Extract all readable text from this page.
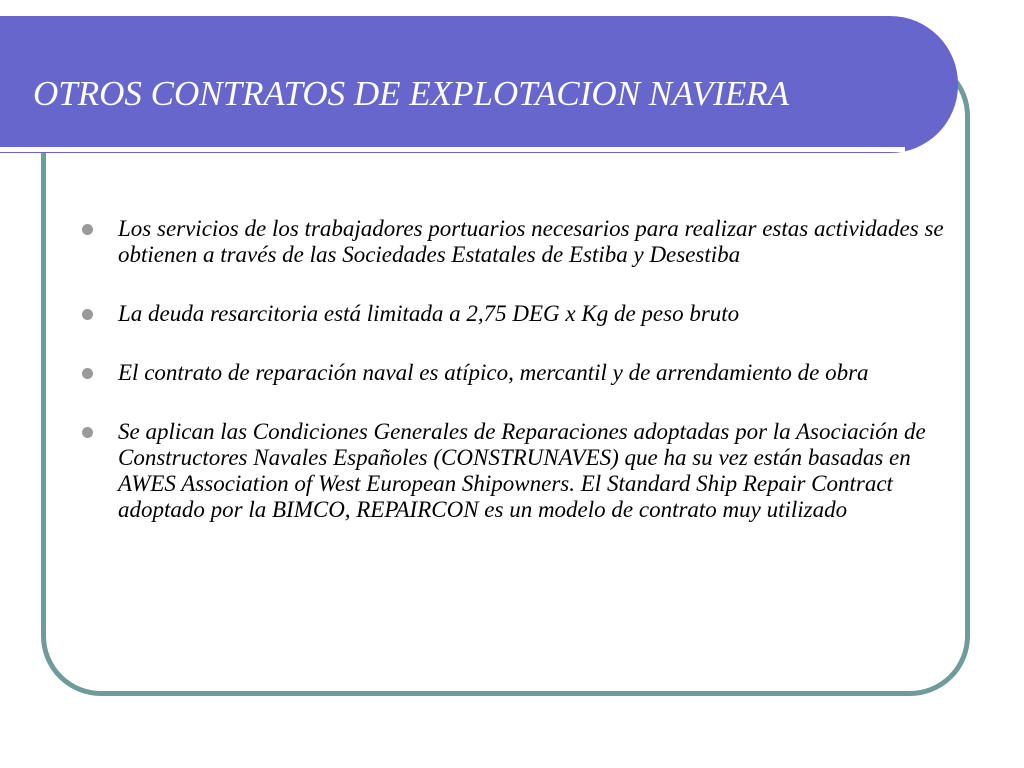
OTROS CONTRATOS DE EXPLOTACION NAVIERA
Los servicios de los trabajadores portuarios necesarios para realizar estas actividades se obtienen a través de las Sociedades Estatales de Estiba y Desestiba
La deuda resarcitoria está limitada a 2,75 DEG x Kg de peso bruto
El contrato de reparación naval es atípico, mercantil y de arrendamiento de obra
Se aplican las Condiciones Generales de Reparaciones adoptadas por la Asociación de Constructores Navales Españoles (CONSTRUNAVES) que ha su vez están basadas en AWES Association of West European Shipowners. El Standard Ship Repair Contract adoptado por la BIMCO, REPAIRCON es un modelo de contrato muy utilizado
